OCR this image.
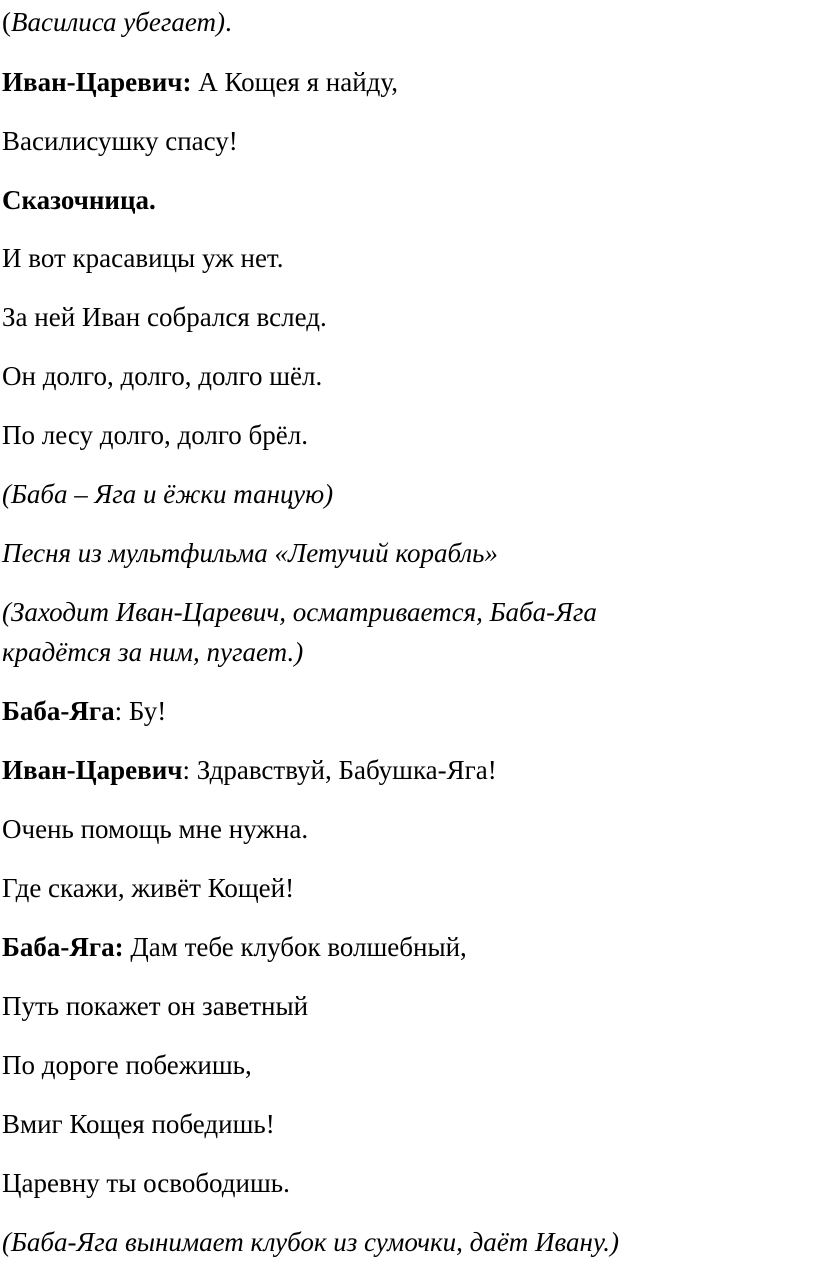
(Василиса убегает).
Иван-Царевич: А Кощея я найду,
Василисушку спасу!
Сказочница.
И вот красавицы уж нет.
За ней Иван собрался вслед.
Он долго, долго, долго шёл.
По лесу долго, долго брёл.
(Баба – Яга и ёжки танцую)
Песня из мультфильма «Летучий корабль»
(Заходит Иван-Царевич, осматривается, Баба-Яга
крадётся за ним, пугает.)
Баба-Яга: Бу!
Иван-Царевич: Здравствуй, Бабушка-Яга!
Очень помощь мне нужна.
Где скажи, живёт Кощей!
Баба-Яга: Дам тебе клубок волшебный,
Путь покажет он заветный
По дороге побежишь,
Вмиг Кощея победишь!
Царевну ты освободишь.
(Баба-Яга вынимает клубок из сумочки, даёт Ивану.)
